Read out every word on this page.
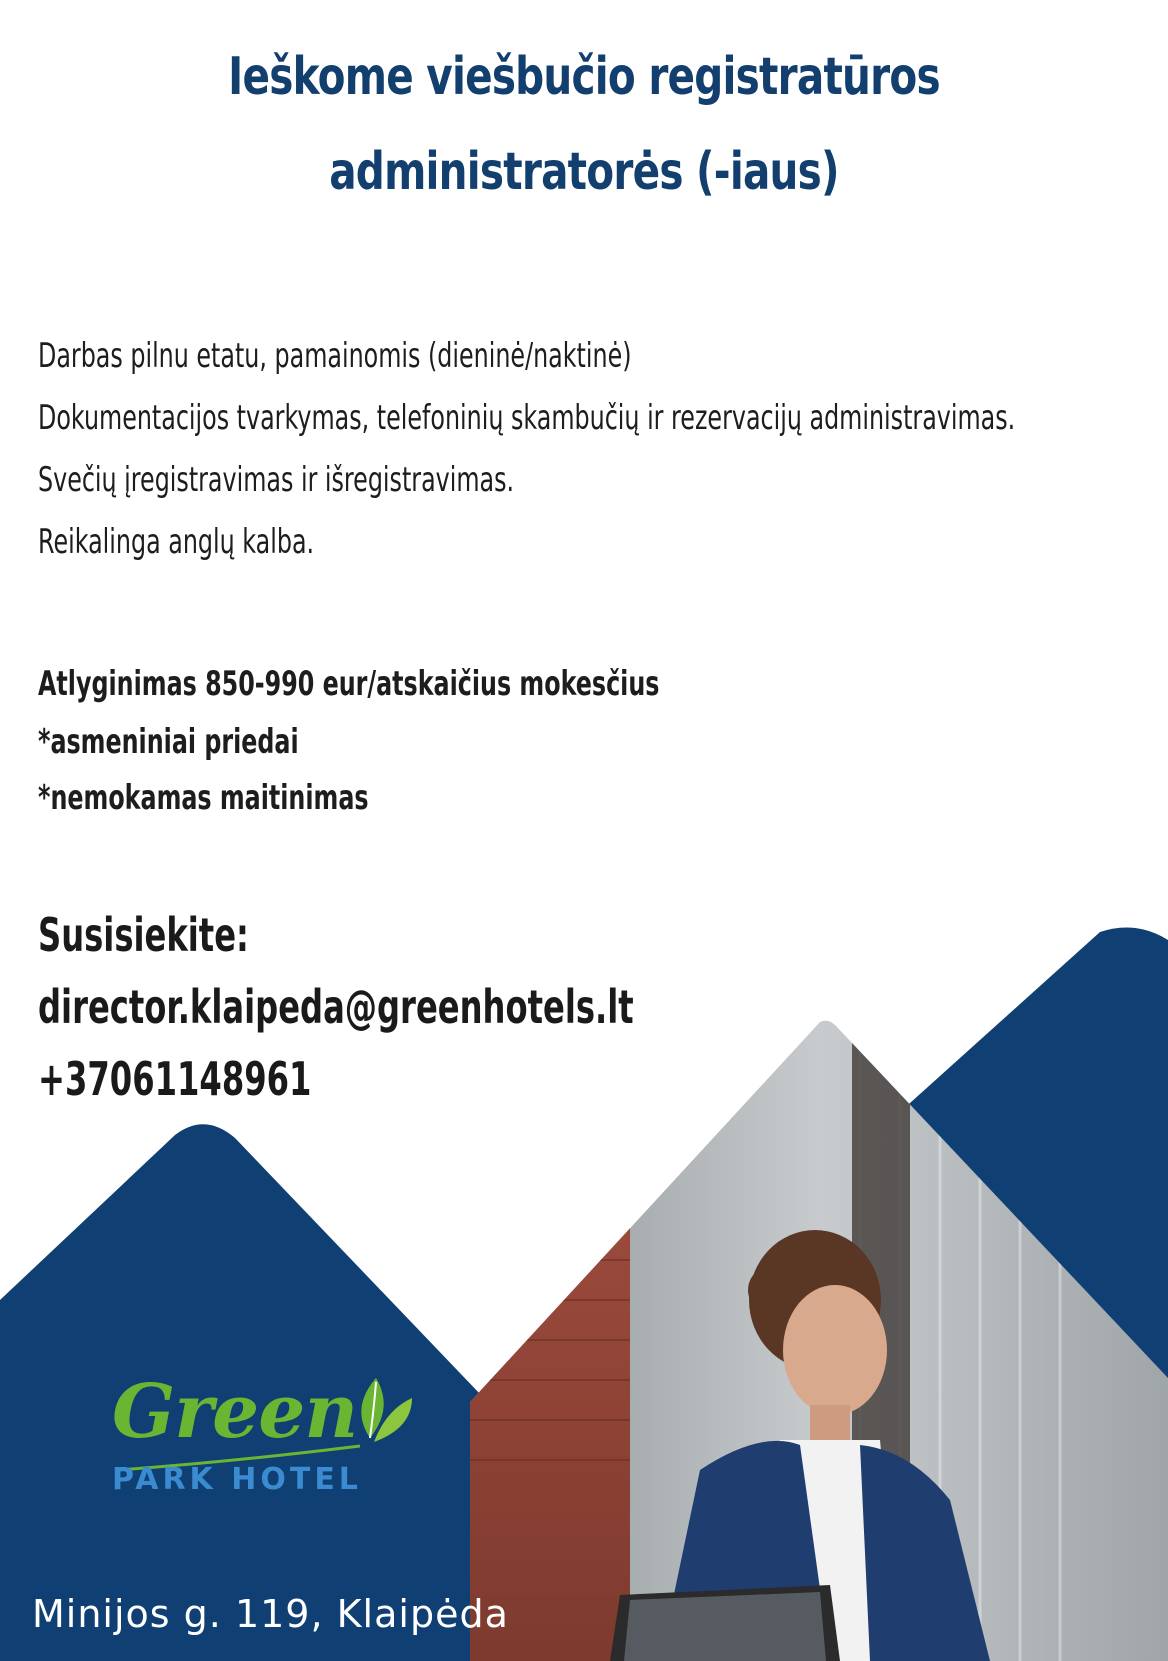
Ieškome viešbučio registratūros
administratorės (-iaus)
Darbas pilnu etatu, pamainomis (dieninė/naktinė)
Dokumentacijos tvarkymas, telefoninių skambučių ir rezervacijų administravimas.
Svečių įregistravimas ir išregistravimas.
Reikalinga anglų kalba.
Atlyginimas 850-990 eur/atskaičius mokesčius
*asmeniniai priedai
*nemokamas maitinimas
Susisiekite:
director.klaipeda@greenhotels.lt
+37061148961
Green
PARK HOTEL
Minijos g. 119, Klaipėda
